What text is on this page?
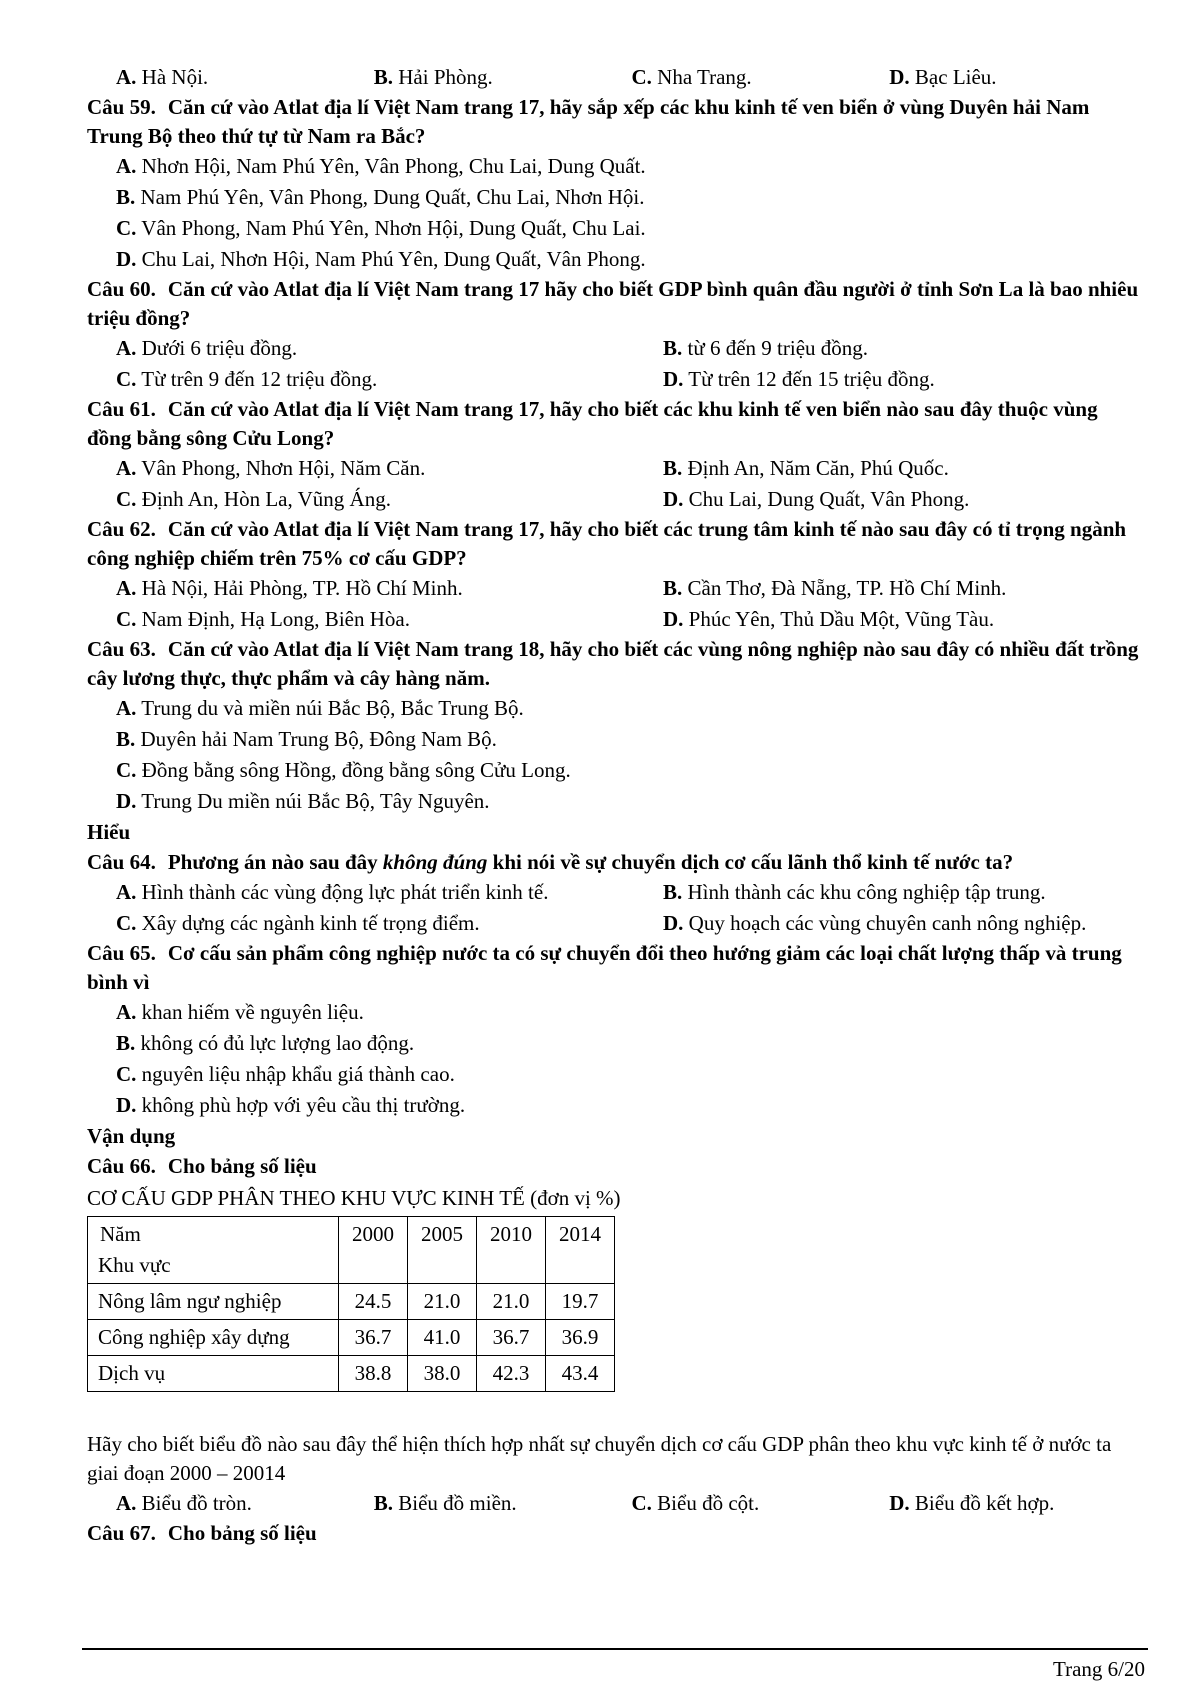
A. Hà Nội.	B. Hải Phòng.	C. Nha Trang.	D. Bạc Liêu.
Câu 59. Căn cứ vào Atlat địa lí Việt Nam trang 17, hãy sắp xếp các khu kinh tế ven biển ở vùng Duyên hải Nam Trung Bộ theo thứ tự từ Nam ra Bắc?
A. Nhơn Hội, Nam Phú Yên, Vân Phong, Chu Lai, Dung Quất.
B. Nam Phú Yên, Vân Phong, Dung Quất, Chu Lai, Nhơn Hội.
C. Vân Phong, Nam Phú Yên, Nhơn Hội, Dung Quất, Chu Lai.
D. Chu Lai, Nhơn Hội, Nam Phú Yên, Dung Quất, Vân Phong.
Câu 60. Căn cứ vào Atlat địa lí Việt Nam trang 17 hãy cho biết GDP bình quân đầu người ở tỉnh Sơn La là bao nhiêu triệu đồng?
A. Dưới 6 triệu đồng.	B. từ 6 đến 9 triệu đồng.
C. Từ trên 9 đến 12 triệu đồng.	D. Từ trên 12 đến 15 triệu đồng.
Câu 61. Căn cứ vào Atlat địa lí Việt Nam trang 17, hãy cho biết các khu kinh tế ven biển nào sau đây thuộc vùng đồng bằng sông Cửu Long?
A. Vân Phong, Nhơn Hội, Năm Căn.	B. Định An, Năm Căn, Phú Quốc.
C. Định An, Hòn La, Vũng Áng.	D. Chu Lai, Dung Quất, Vân Phong.
Câu 62. Căn cứ vào Atlat địa lí Việt Nam trang 17, hãy cho biết các trung tâm kinh tế nào sau đây có tỉ trọng ngành công nghiệp chiếm trên 75% cơ cấu GDP?
A. Hà Nội, Hải Phòng, TP. Hồ Chí Minh.	B. Cần Thơ, Đà Nẵng, TP. Hồ Chí Minh.
C. Nam Định, Hạ Long, Biên Hòa.	D. Phúc Yên, Thủ Dầu Một, Vũng Tàu.
Câu 63. Căn cứ vào Atlat địa lí Việt Nam trang 18, hãy cho biết các vùng nông nghiệp nào sau đây có nhiều đất trồng cây lương thực, thực phẩm và cây hàng năm.
A. Trung du và miền núi Bắc Bộ, Bắc Trung Bộ.
B. Duyên hải Nam Trung Bộ, Đông Nam Bộ.
C. Đồng bằng sông Hồng, đồng bằng sông Cửu Long.
D. Trung Du miền núi Bắc Bộ, Tây Nguyên.
Hiểu
Câu 64. Phương án nào sau đây không đúng khi nói về sự chuyển dịch cơ cấu lãnh thổ kinh tế nước ta?
A. Hình thành các vùng động lực phát triển kinh tế.	B. Hình thành các khu công nghiệp tập trung.
C. Xây dựng các ngành kinh tế trọng điểm.	D. Quy hoạch các vùng chuyên canh nông nghiệp.
Câu 65. Cơ cấu sản phẩm công nghiệp nước ta có sự chuyển đổi theo hướng giảm các loại chất lượng thấp và trung bình vì
A. khan hiếm về nguyên liệu.
B. không có đủ lực lượng lao động.
C. nguyên liệu nhập khẩu giá thành cao.
D. không phù hợp với yêu cầu thị trường.
Vận dụng
Câu 66. Cho bảng số liệu
CƠ CẤU GDP PHÂN THEO KHU VỰC KINH TẾ (đơn vị %)
Năm
Khu vực	2000	2005	2010	2014
Nông lâm ngư nghiệp	24.5	21.0	21.0	19.7
Công nghiệp xây dựng	36.7	41.0	36.7	36.9
Dịch vụ	38.8	38.0	42.3	43.4
Hãy cho biết biểu đồ nào sau đây thể hiện thích hợp nhất sự chuyển dịch cơ cấu GDP phân theo khu vực kinh tế ở nước ta giai đoạn 2000 – 20014
A. Biểu đồ tròn.	B. Biểu đồ miền.	C. Biểu đồ cột.	D. Biểu đồ kết hợp.
Câu 67. Cho bảng số liệu
Trang 6/20
